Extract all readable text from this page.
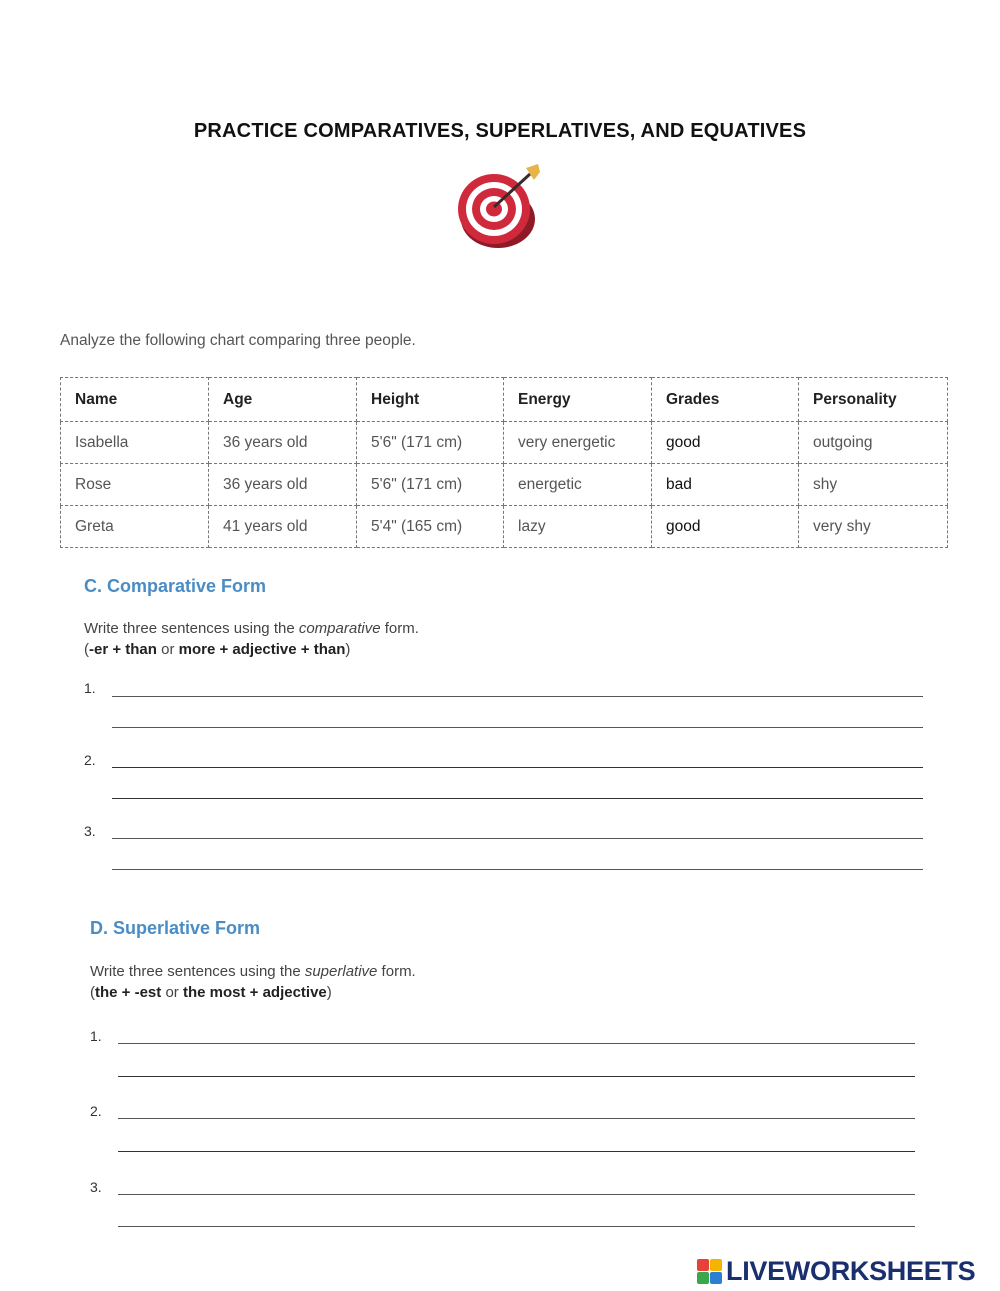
PRACTICE COMPARATIVES, SUPERLATIVES, AND EQUATIVES
Analyze the following chart comparing three people.
Name	Age	Height	Energy	Grades	Personality
Isabella	36 years old	5'6" (171 cm)	very energetic	good	outgoing
Rose	36 years old	5'6" (171 cm)	energetic	bad	shy
Greta	41 years old	5'4" (165 cm)	lazy	good	very shy
C. Comparative Form
Write three sentences using the comparative form.
(-er + than or more + adjective + than)
1.
2.
3.
D. Superlative Form
Write three sentences using the superlative form.
(the + -est or the most + adjective)
1.
2.
3.
LIVEWORKSHEETS
